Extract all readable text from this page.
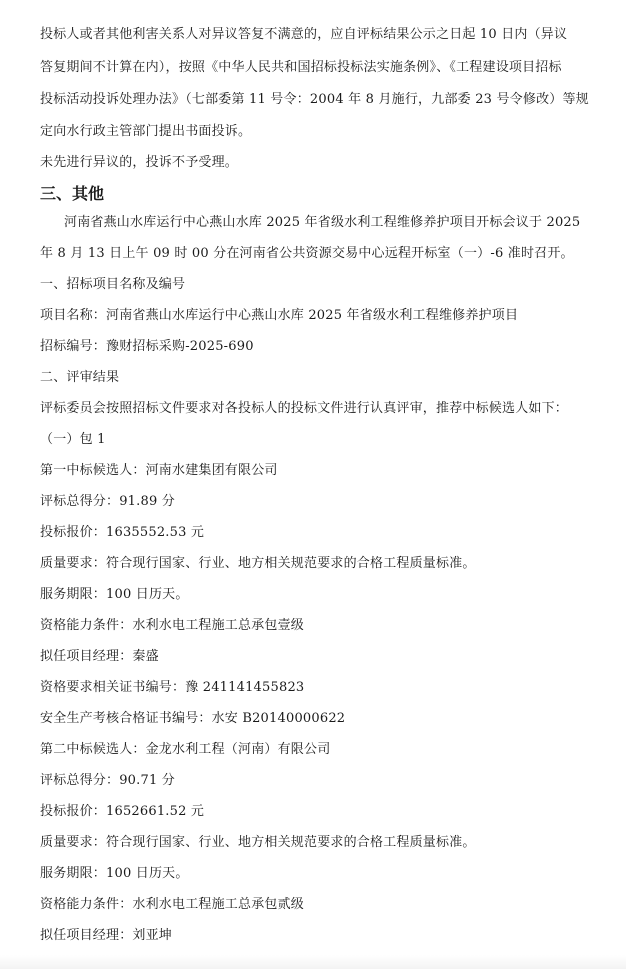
投标人或者其他利害关系人对异议答复不满意的，应自评标结果公示之日起 10 日内（异议
答复期间不计算在内），按照《中华人民共和国招标投标法实施条例》、《工程建设项目招标
投标活动投诉处理办法》（七部委第 11 号令：2004 年 8 月施行，九部委 23 号令修改）等规
定向水行政主管部门提出书面投诉。
未先进行异议的，投诉不予受理。
三、其他
河南省燕山水库运行中心燕山水库 2025 年省级水利工程维修养护项目开标会议于 2025
年 8 月 13 日上午 09 时 00 分在河南省公共资源交易中心远程开标室（一）-6 准时召开。
一、招标项目名称及编号
项目名称：河南省燕山水库运行中心燕山水库 2025 年省级水利工程维修养护项目
招标编号：豫财招标采购-2025-690
二、评审结果
评标委员会按照招标文件要求对各投标人的投标文件进行认真评审，推荐中标候选人如下：
（一）包 1
第一中标候选人：河南水建集团有限公司
评标总得分：91.89 分
投标报价：1635552.53 元
质量要求：符合现行国家、行业、地方相关规范要求的合格工程质量标准。
服务期限：100 日历天。
资格能力条件：水利水电工程施工总承包壹级
拟任项目经理：秦盛
资格要求相关证书编号：豫 241141455823
安全生产考核合格证书编号：水安 B20140000622
第二中标候选人：金龙水利工程（河南）有限公司
评标总得分：90.71 分
投标报价：1652661.52 元
质量要求：符合现行国家、行业、地方相关规范要求的合格工程质量标准。
服务期限：100 日历天。
资格能力条件：水利水电工程施工总承包贰级
拟任项目经理：刘亚坤
